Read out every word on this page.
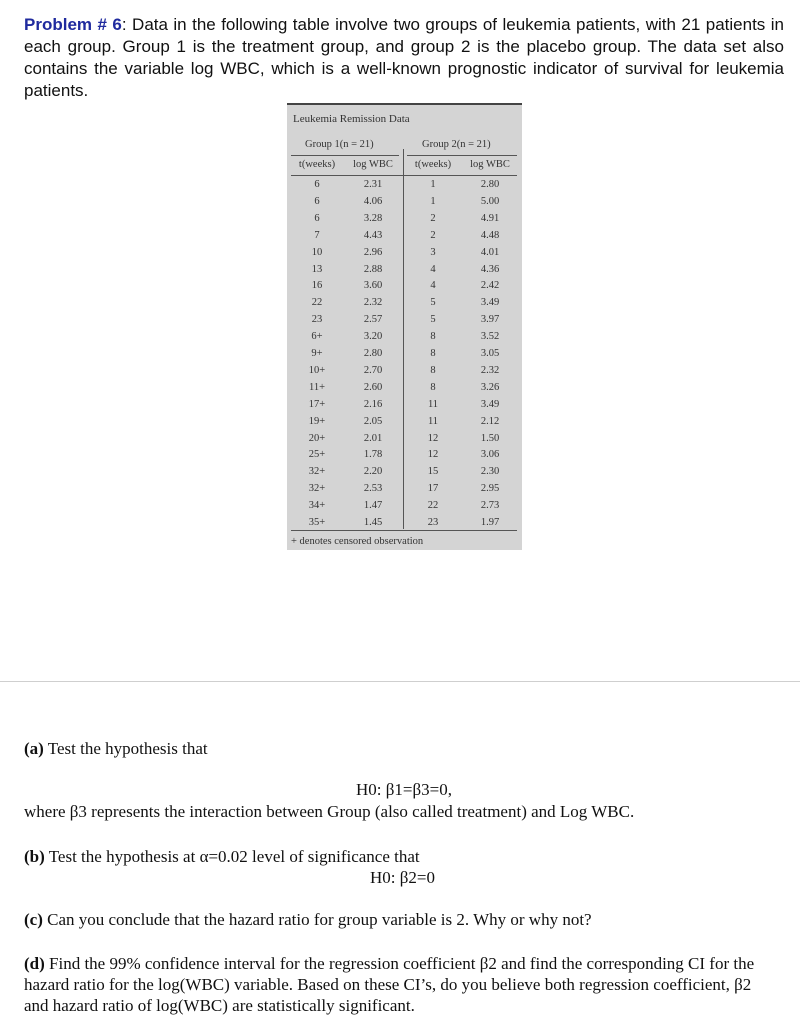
Problem # 6: Data in the following table involve two groups of leukemia patients, with 21 patients in each group. Group 1 is the treatment group, and group 2 is the placebo group. The data set also contains the variable log WBC, which is a well-known prognostic indicator of survival for leukemia patients.
Leukemia Remission Data
Group 1(n = 21)	Group 2(n = 21)
t(weeks)	log WBC	t(weeks)	log WBC
6	2.31	1	2.80
6	4.06	1	5.00
6	3.28	2	4.91
7	4.43	2	4.48
10	2.96	3	4.01
13	2.88	4	4.36
16	3.60	4	2.42
22	2.32	5	3.49
23	2.57	5	3.97
6+	3.20	8	3.52
9+	2.80	8	3.05
10+	2.70	8	2.32
11+	2.60	8	3.26
17+	2.16	11	3.49
19+	2.05	11	2.12
20+	2.01	12	1.50
25+	1.78	12	3.06
32+	2.20	15	2.30
32+	2.53	17	2.95
34+	1.47	22	2.73
35+	1.45	23	1.97
+ denotes censored observation
(a) Test the hypothesis that
H0: β1=β3=0,
where β3 represents the interaction between Group (also called treatment) and Log WBC.
(b) Test the hypothesis at α=0.02 level of significance that
H0: β2=0
(c) Can you conclude that the hazard ratio for group variable is 2. Why or why not?
(d) Find the 99% confidence interval for the regression coefficient β2 and find the corresponding CI for the hazard ratio for the log(WBC) variable. Based on these CI’s, do you believe both regression coefficient, β2 and hazard ratio of log(WBC) are statistically significant.
